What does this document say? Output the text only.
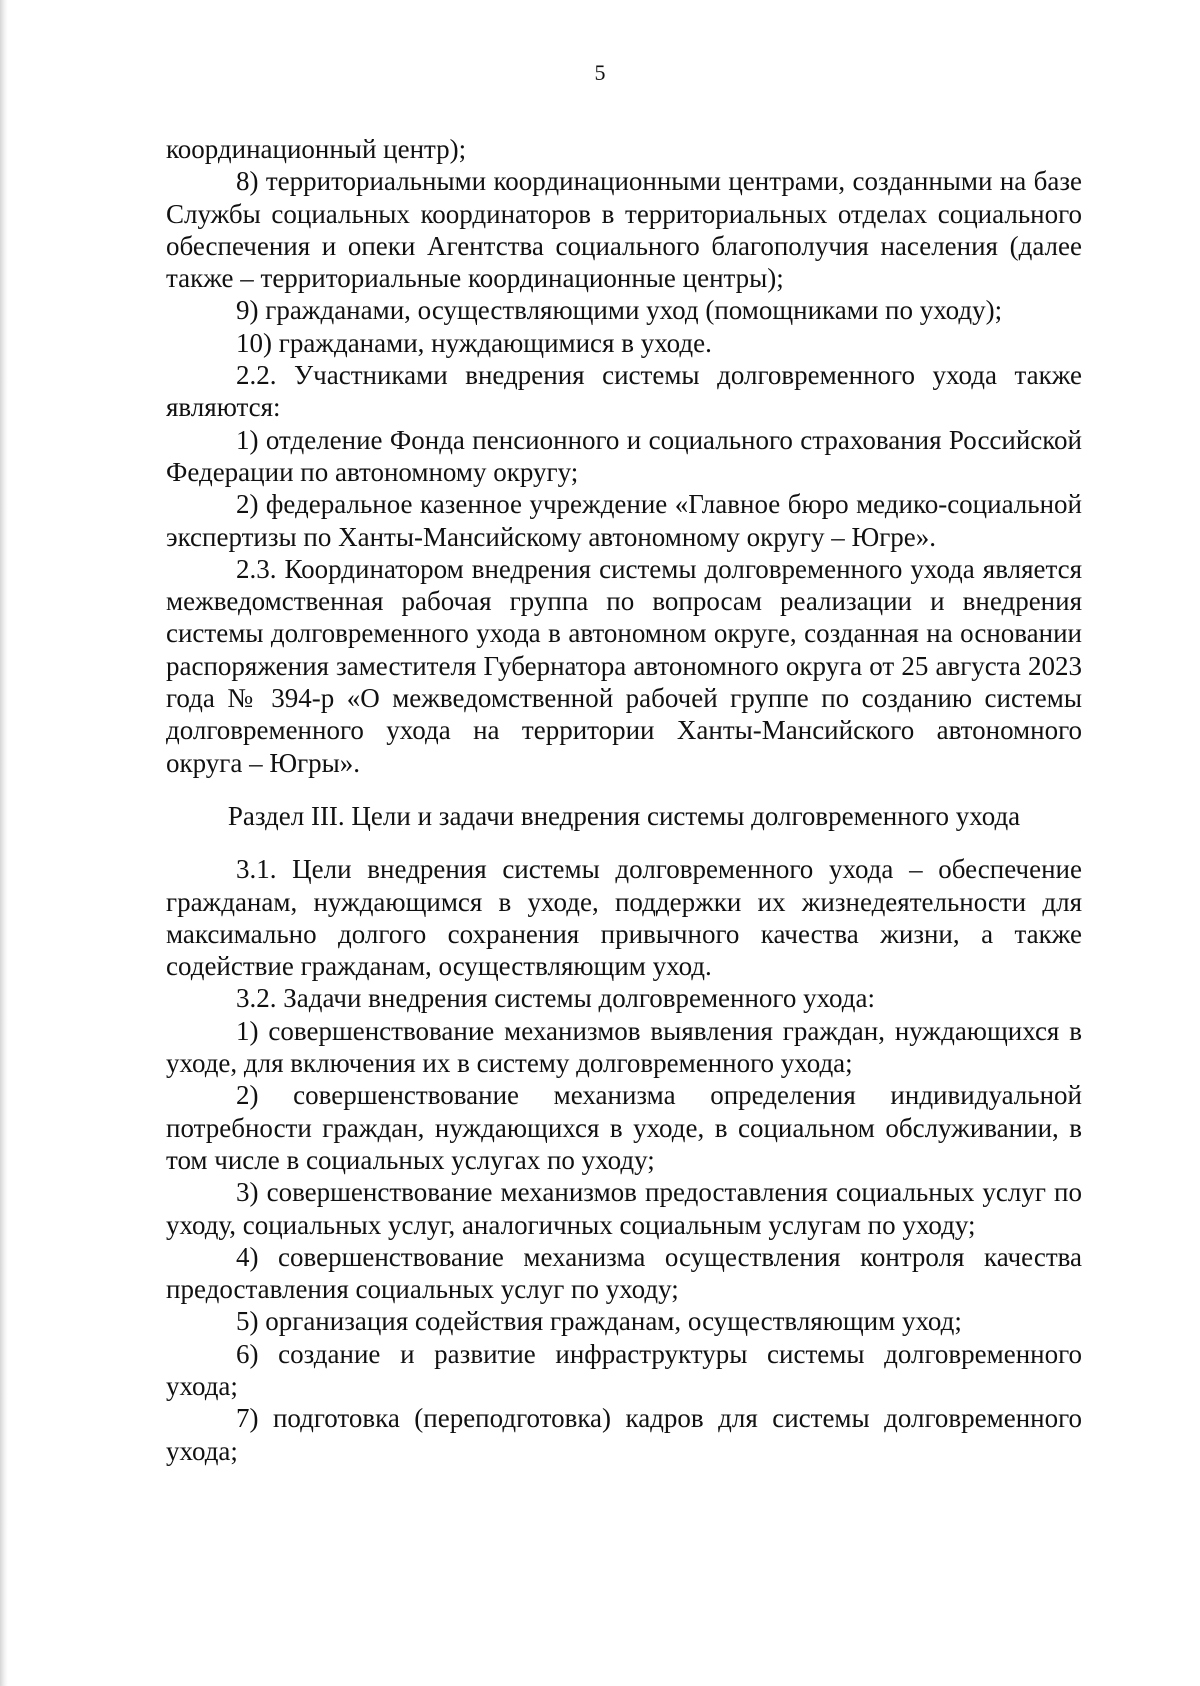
5

координационный центр);

8) территориальными координационными центрами, созданными на базе Службы социальных координаторов в территориальных отделах социального обеспечения и опеки Агентства социального благополучия населения (далее также – территориальные координационные центры);

9) гражданами, осуществляющими уход (помощниками по уходу);

10) гражданами, нуждающимися в уходе.

2.2. Участниками внедрения системы долговременного ухода также являются:

1) отделение Фонда пенсионного и социального страхования Российской Федерации по автономному округу;

2) федеральное казенное учреждение «Главное бюро медико-социальной экспертизы по Ханты-Мансийскому автономному округу – Югре».

2.3. Координатором внедрения системы долговременного ухода является межведомственная рабочая группа по вопросам реализации и внедрения системы долговременного ухода в автономном округе, созданная на основании распоряжения заместителя Губернатора автономного округа от 25 августа 2023 года № 394-р «О межведомственной рабочей группе по созданию системы долговременного ухода на территории Ханты-Мансийского автономного округа – Югры».

Раздел III. Цели и задачи внедрения системы долговременного ухода

3.1. Цели внедрения системы долговременного ухода – обеспечение гражданам, нуждающимся в уходе, поддержки их жизнедеятельности для максимально долгого сохранения привычного качества жизни, а также содействие гражданам, осуществляющим уход.

3.2. Задачи внедрения системы долговременного ухода:

1) совершенствование механизмов выявления граждан, нуждающихся в уходе, для включения их в систему долговременного ухода;

2) совершенствование механизма определения индивидуальной потребности граждан, нуждающихся в уходе, в социальном обслуживании, в том числе в социальных услугах по уходу;

3) совершенствование механизмов предоставления социальных услуг по уходу, социальных услуг, аналогичных социальным услугам по уходу;

4) совершенствование механизма осуществления контроля качества предоставления социальных услуг по уходу;

5) организация содействия гражданам, осуществляющим уход;

6) создание и развитие инфраструктуры системы долговременного ухода;

7) подготовка (переподготовка) кадров для системы долговременного ухода;
